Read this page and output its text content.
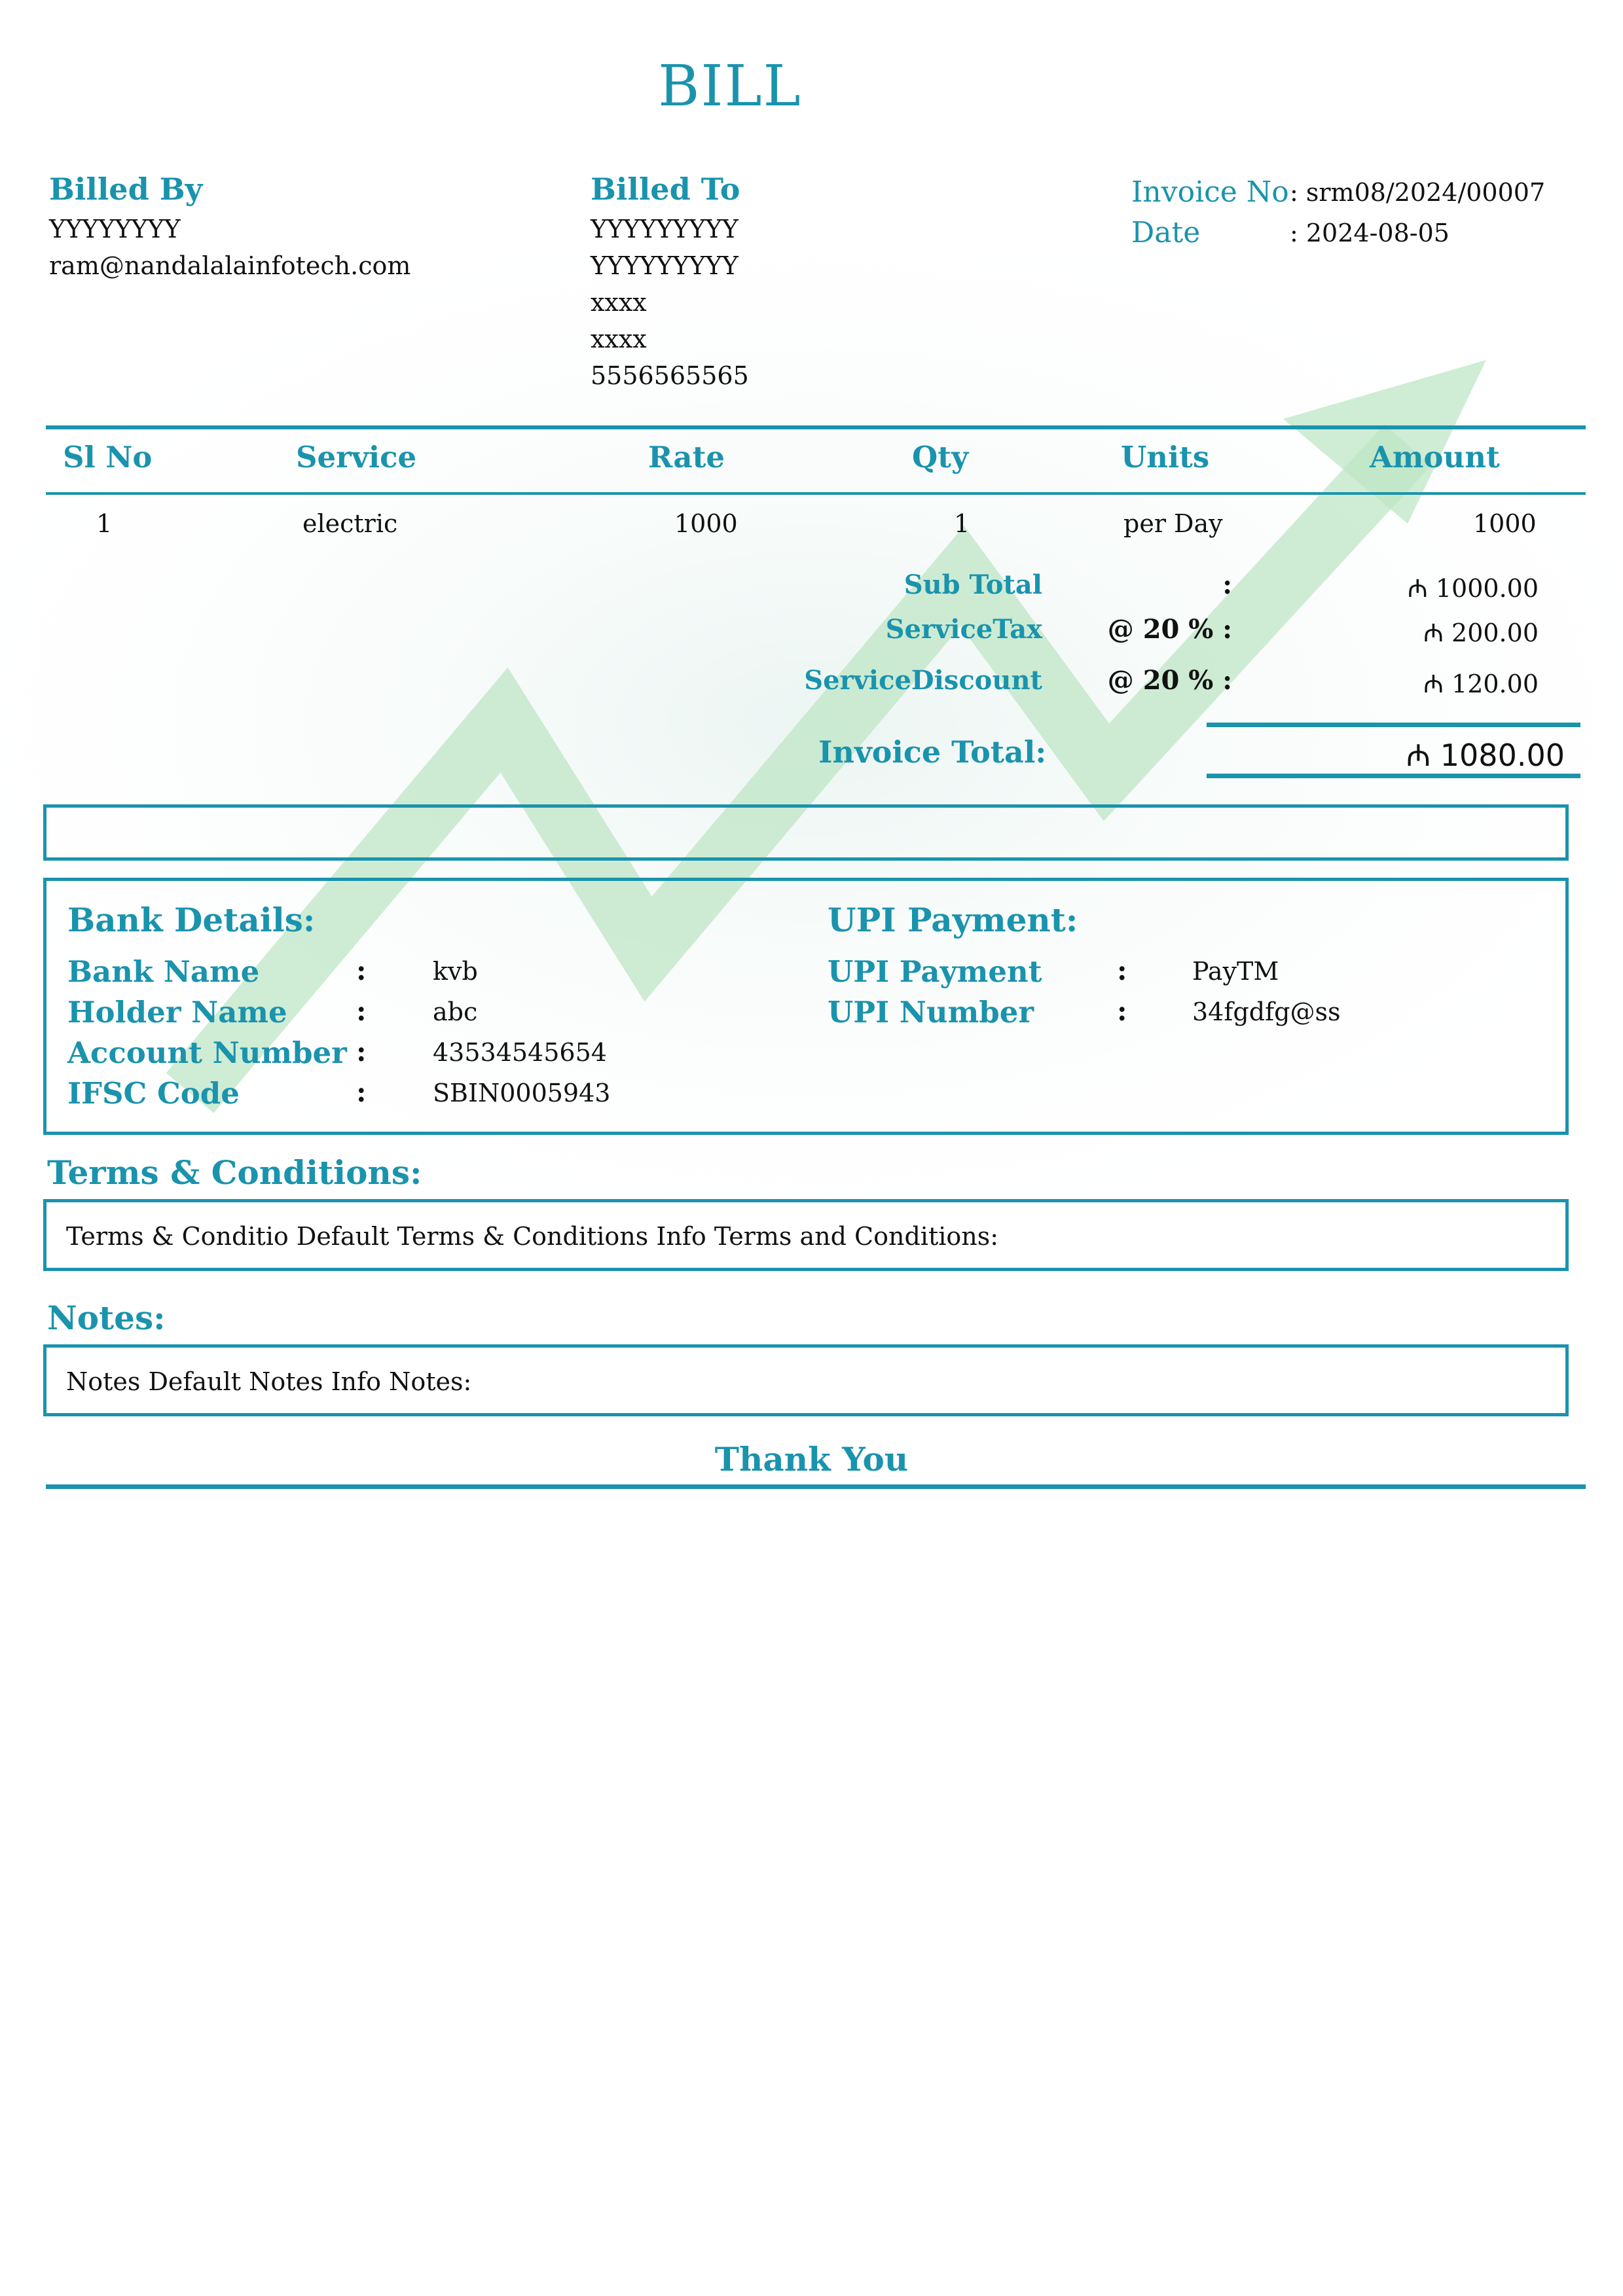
BILL
Billed By
YYYYYYYY
ram@nandalalainfotech.com
Billed To
YYYYYYYYY
YYYYYYYYY
xxxx
xxxx
5556565565
Invoice No : srm08/2024/00007
Date	: 2024-08-05
Sl No	Service	Rate	Qty	Units	Amount
1	electric	1000	1	per Day	1000
Sub Total	:	₼ 1000.00
ServiceTax	@ 20 % :	₼ 200.00
ServiceDiscount	@ 20 % :	₼ 120.00
Invoice Total:	₼ 1080.00
Bank Details:	UPI Payment:
Bank Name	:	kvb
Holder Name	:	abc
Account Number :	43534545654
IFSC Code	:	SBIN0005943
UPI Payment	:	PayTM
UPI Number	:	34fgdfg@ss
Terms & Conditions:
Terms & Conditio Default Terms & Conditions Info Terms and Conditions:
Notes:
Notes Default Notes Info Notes:
Thank You
